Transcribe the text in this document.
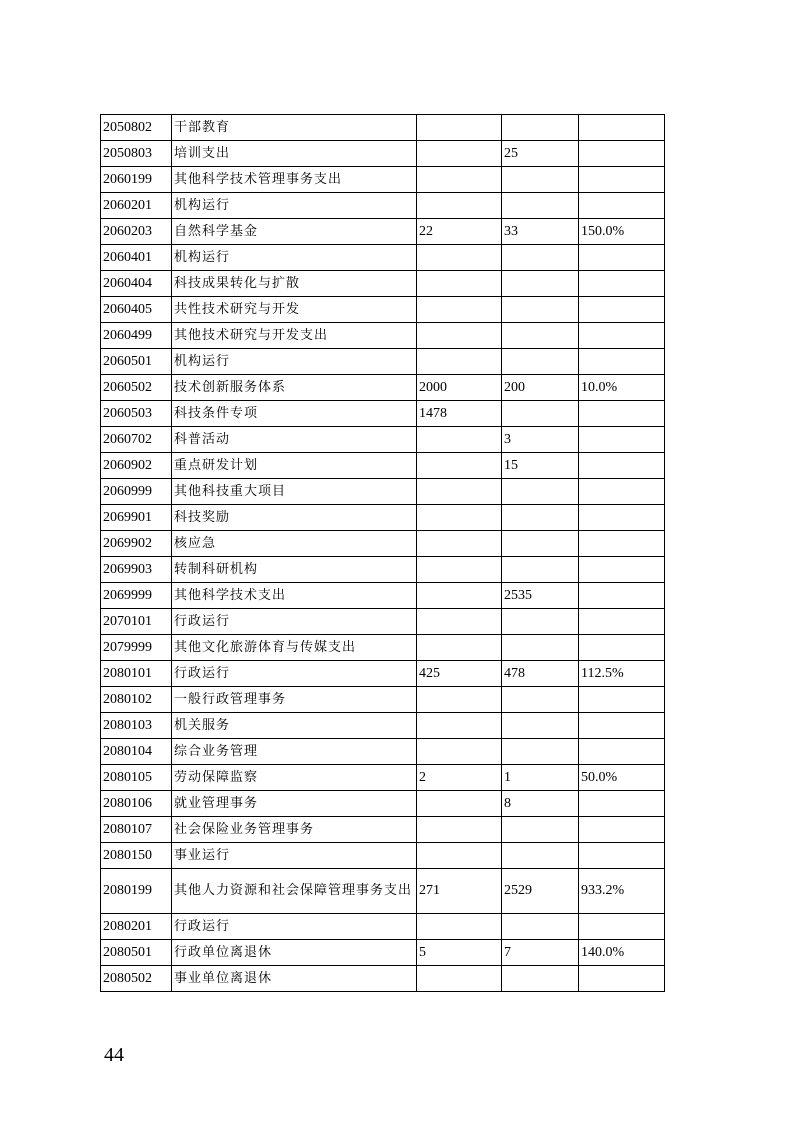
2050802	干部教育			
2050803	培训支出		25	
2060199	其他科学技术管理事务支出			
2060201	机构运行			
2060203	自然科学基金	22	33	150.0%
2060401	机构运行			
2060404	科技成果转化与扩散			
2060405	共性技术研究与开发			
2060499	其他技术研究与开发支出			
2060501	机构运行			
2060502	技术创新服务体系	2000	200	10.0%
2060503	科技条件专项	1478		
2060702	科普活动		3	
2060902	重点研发计划		15	
2060999	其他科技重大项目			
2069901	科技奖励			
2069902	核应急			
2069903	转制科研机构			
2069999	其他科学技术支出		2535	
2070101	行政运行			
2079999	其他文化旅游体育与传媒支出			
2080101	行政运行	425	478	112.5%
2080102	一般行政管理事务			
2080103	机关服务			
2080104	综合业务管理			
2080105	劳动保障监察	2	1	50.0%
2080106	就业管理事务		8	
2080107	社会保险业务管理事务			
2080150	事业运行			
2080199	其他人力资源和社会保障管理事务支出	271	2529	933.2%
2080201	行政运行			
2080501	行政单位离退休	5	7	140.0%
2080502	事业单位离退休			
44
